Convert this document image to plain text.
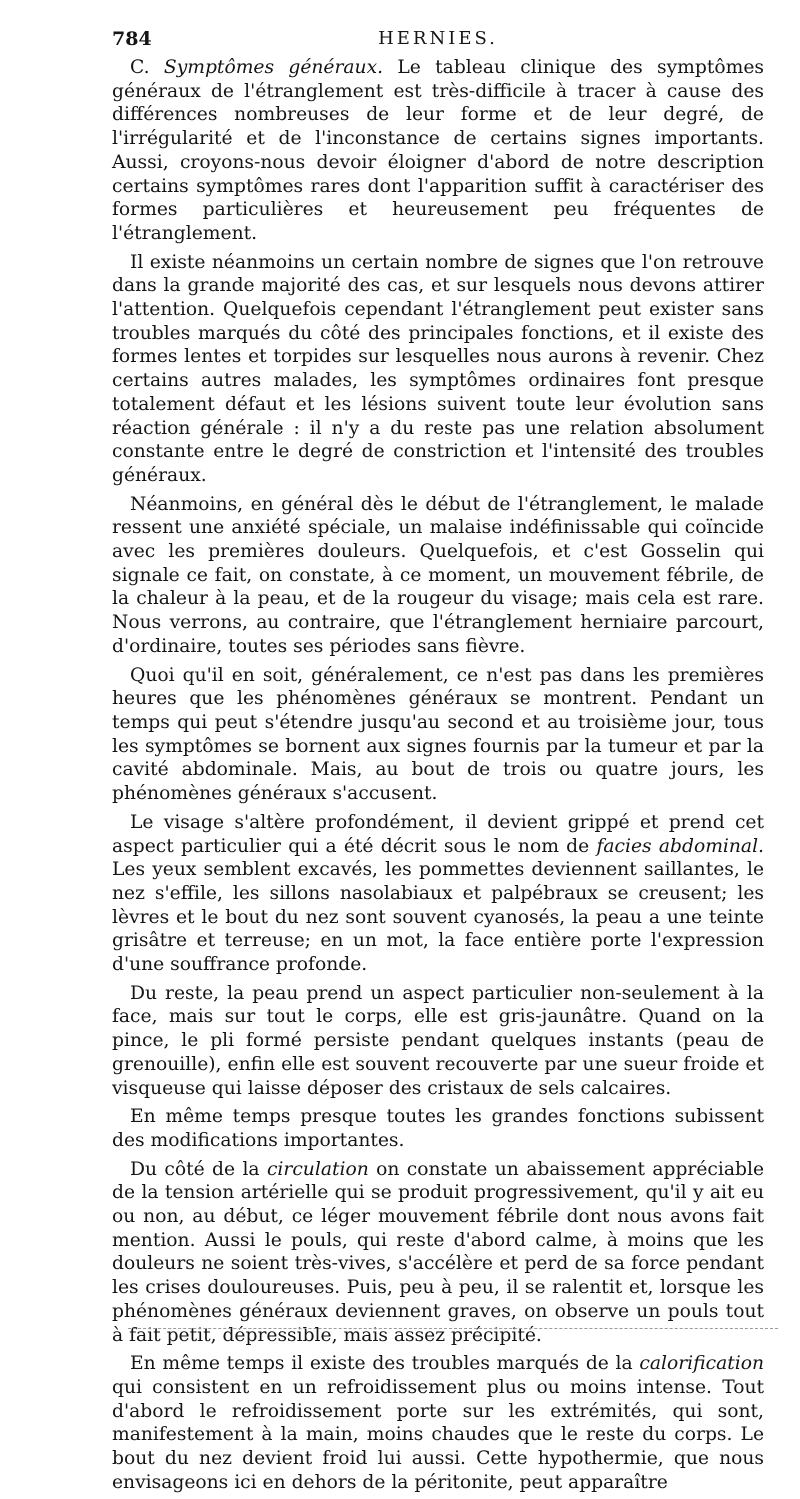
784	HERNIES.

C. Symptômes généraux. Le tableau clinique des symptômes généraux de l'étranglement est très-difficile à tracer à cause des différences nombreuses de leur forme et de leur degré, de l'irrégularité et de l'inconstance de certains signes importants. Aussi, croyons-nous devoir éloigner d'abord de notre description certains symptômes rares dont l'apparition suffit à caractériser des formes particulières et heureusement peu fréquentes de l'étranglement.

Il existe néanmoins un certain nombre de signes que l'on retrouve dans la grande majorité des cas, et sur lesquels nous devons attirer l'attention. Quelquefois cependant l'étranglement peut exister sans troubles marqués du côté des principales fonctions, et il existe des formes lentes et torpides sur lesquelles nous aurons à revenir. Chez certains autres malades, les symptômes ordinaires font presque totalement défaut et les lésions suivent toute leur évolution sans réaction générale : il n'y a du reste pas une relation absolument constante entre le degré de constriction et l'intensité des troubles généraux.

Néanmoins, en général dès le début de l'étranglement, le malade ressent une anxiété spéciale, un malaise indéfinissable qui coïncide avec les premières douleurs. Quelquefois, et c'est Gosselin qui signale ce fait, on constate, à ce moment, un mouvement fébrile, de la chaleur à la peau, et de la rougeur du visage; mais cela est rare. Nous verrons, au contraire, que l'étranglement herniaire parcourt, d'ordinaire, toutes ses périodes sans fièvre.

Quoi qu'il en soit, généralement, ce n'est pas dans les premières heures que les phénomènes généraux se montrent. Pendant un temps qui peut s'étendre jusqu'au second et au troisième jour, tous les symptômes se bornent aux signes fournis par la tumeur et par la cavité abdominale. Mais, au bout de trois ou quatre jours, les phénomènes généraux s'accusent.

Le visage s'altère profondément, il devient grippé et prend cet aspect particulier qui a été décrit sous le nom de facies abdominal. Les yeux semblent excavés, les pommettes deviennent saillantes, le nez s'effile, les sillons nasolabiaux et palpébraux se creusent; les lèvres et le bout du nez sont souvent cyanosés, la peau a une teinte grisâtre et terreuse; en un mot, la face entière porte l'expression d'une souffrance profonde.

Du reste, la peau prend un aspect particulier non-seulement à la face, mais sur tout le corps, elle est gris-jaunâtre. Quand on la pince, le pli formé persiste pendant quelques instants (peau de grenouille), enfin elle est souvent recouverte par une sueur froide et visqueuse qui laisse déposer des cristaux de sels calcaires.

En même temps presque toutes les grandes fonctions subissent des modifications importantes.

Du côté de la circulation on constate un abaissement appréciable de la tension artérielle qui se produit progressivement, qu'il y ait eu ou non, au début, ce léger mouvement fébrile dont nous avons fait mention. Aussi le pouls, qui reste d'abord calme, à moins que les douleurs ne soient très-vives, s'accélère et perd de sa force pendant les crises douloureuses. Puis, peu à peu, il se ralentit et, lorsque les phénomènes généraux deviennent graves, on observe un pouls tout à fait petit, dépressible, mais assez précipité.

En même temps il existe des troubles marqués de la calorification qui consistent en un refroidissement plus ou moins intense. Tout d'abord le refroidissement porte sur les extrémités, qui sont, manifestement à la main, moins chaudes que le reste du corps. Le bout du nez devient froid lui aussi. Cette hypothermie, que nous envisageons ici en dehors de la péritonite, peut apparaître
